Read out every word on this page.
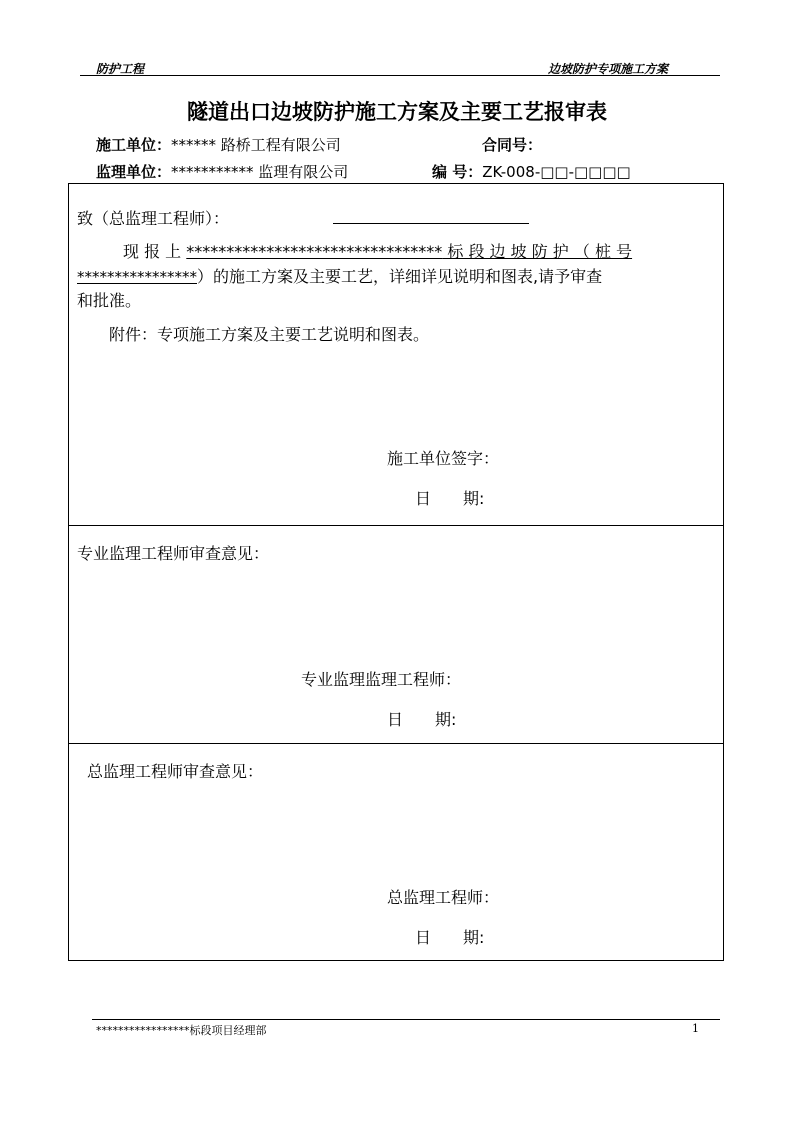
防护工程	边坡防护专项施工方案
隧道出口边坡防护施工方案及主要工艺报审表
施工单位：****** 路桥工程有限公司	合同号：
监理单位：*********** 监理有限公司	编 号：ZK-008-□□-□□□□
致（总监理工程师）：
现 报 上 ******************************** 标 段 边 坡 防 护 （ 桩 号
****************）的施工方案及主要工艺，详细详见说明和图表,请予审查
和批准。
附件：专项施工方案及主要工艺说明和图表。
施工单位签字：
日　　期:
专业监理工程师审查意见：
专业监理监理工程师：
日　　期:
总监理工程师审查意见：
总监理工程师：
日　　期:
*****************标段项目经理部	1
